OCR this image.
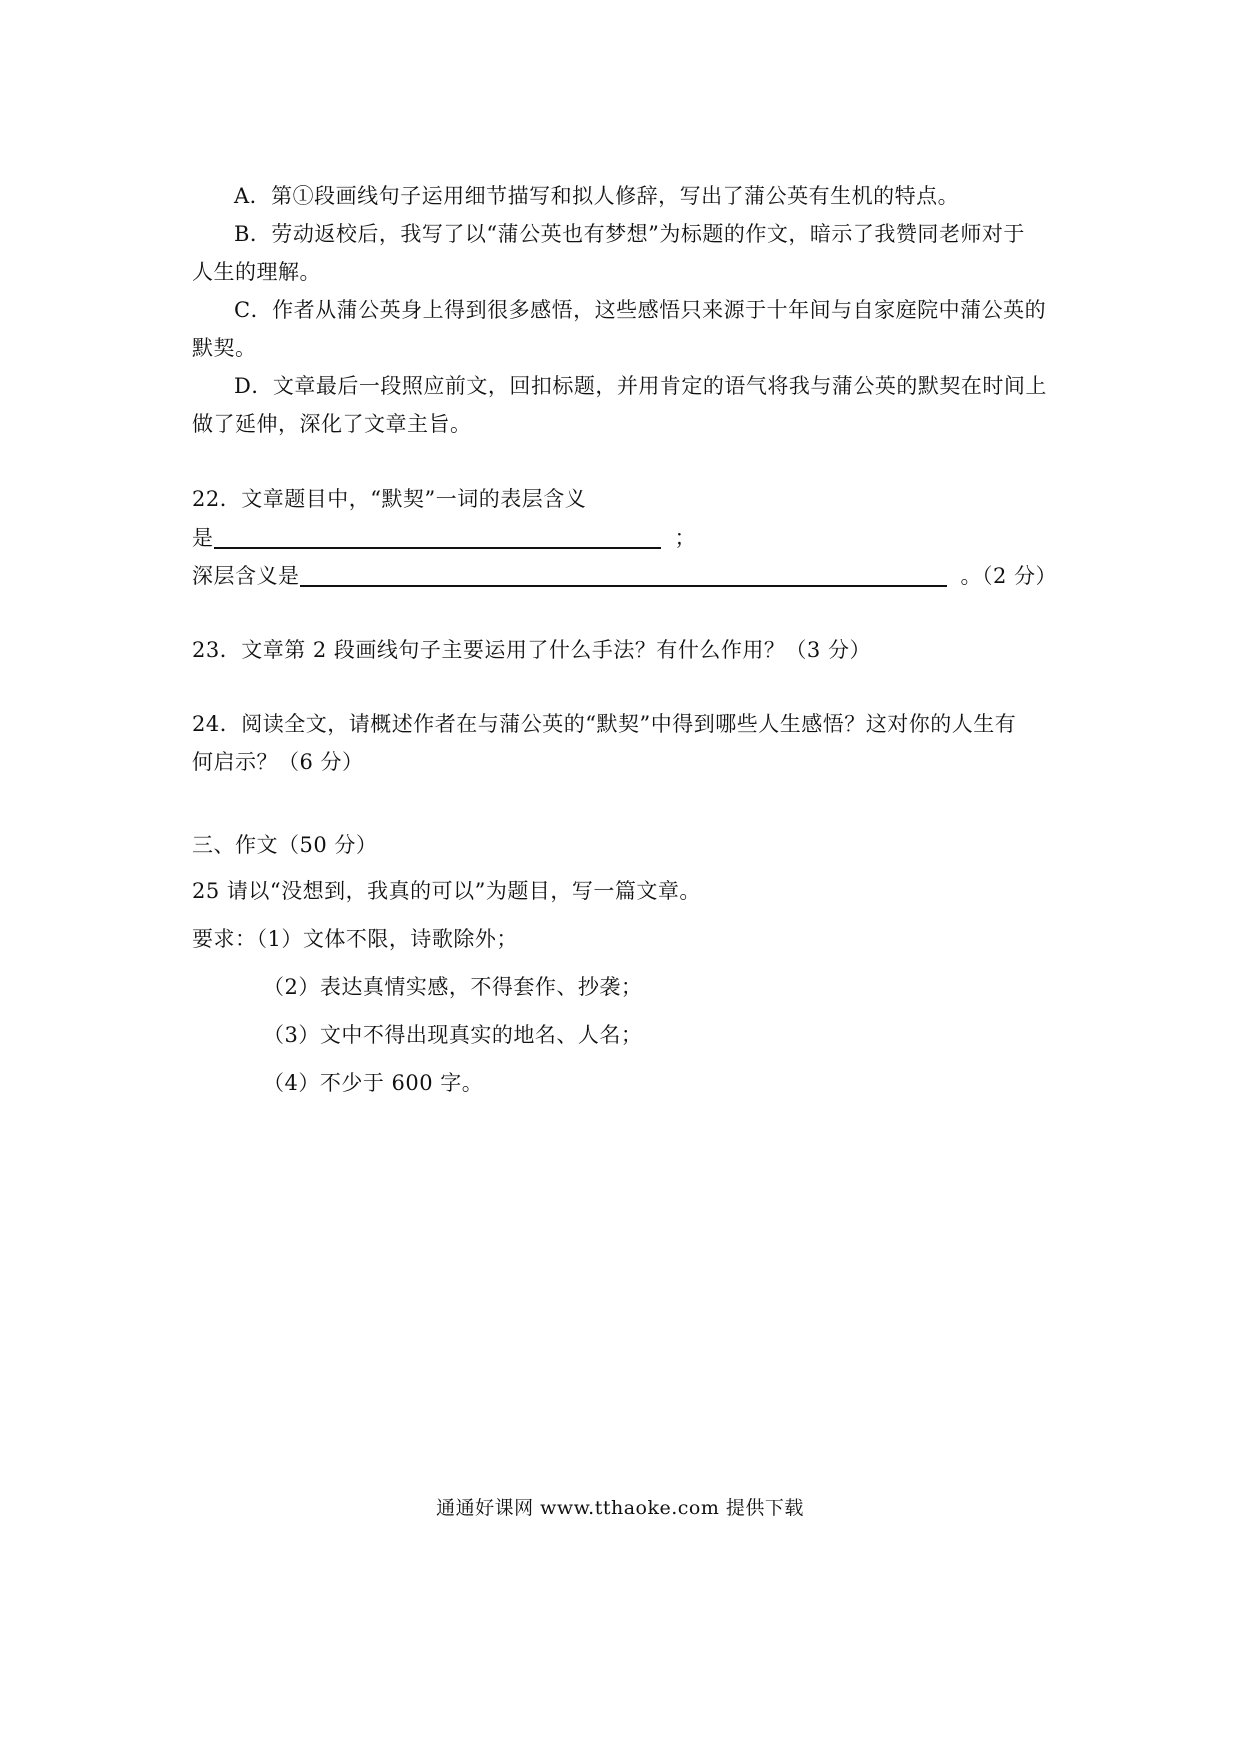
A．第①段画线句子运用细节描写和拟人修辞，写出了蒲公英有生机的特点。
B．劳动返校后，我写了以“蒲公英也有梦想”为标题的作文，暗示了我赞同老师对于
人生的理解。
C．作者从蒲公英身上得到很多感悟，这些感悟只来源于十年间与自家庭院中蒲公英的
默契。
D．文章最后一段照应前文，回扣标题，并用肯定的语气将我与蒲公英的默契在时间上
做了延伸，深化了文章主旨。
22．文章题目中，“默契”一词的表层含义
是	；
深层含义是	。（2 分）
23．文章第 2 段画线句子主要运用了什么手法？有什么作用？（3 分）
24．阅读全文，请概述作者在与蒲公英的“默契”中得到哪些人生感悟？这对你的人生有
何启示？（6 分）
三、作文（50 分）
25 请以“没想到，我真的可以”为题目，写一篇文章。
要求：（1）文体不限，诗歌除外；
（2）表达真情实感，不得套作、抄袭；
（3）文中不得出现真实的地名、人名；
（4）不少于 600 字。
通通好课网 www.tthaoke.com 提供下载
